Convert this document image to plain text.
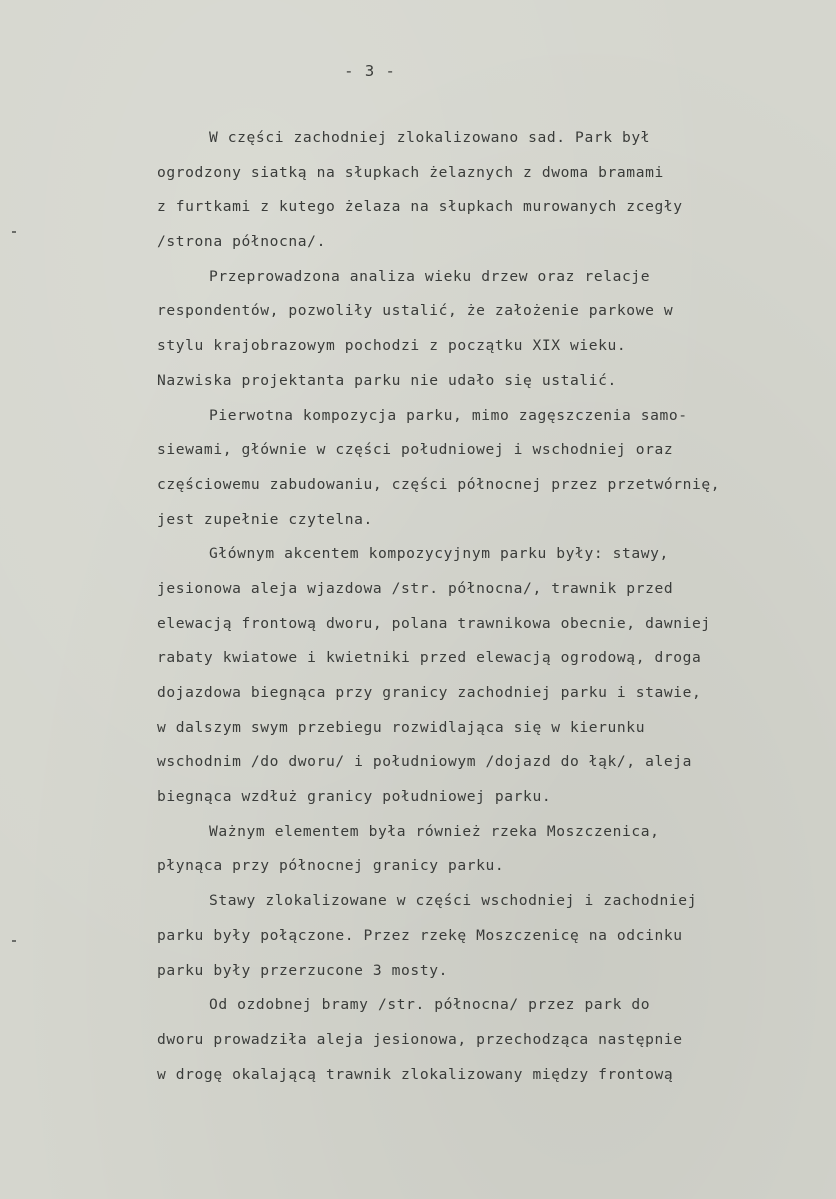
- 3 -
W części zachodniej zlokalizowano sad. Park był
ogrodzony siatką na słupkach żelaznych z dwoma bramami
z furtkami z kutego żelaza na słupkach murowanych zcegły
/strona północna/.
Przeprowadzona analiza wieku drzew oraz relacje
respondentów, pozwoliły ustalić, że założenie parkowe w
stylu krajobrazowym pochodzi z początku XIX wieku.
Nazwiska projektanta parku nie udało się ustalić.
Pierwotna kompozycja parku, mimo zagęszczenia samo-
siewami, głównie w części południowej i wschodniej oraz
częściowemu zabudowaniu, części północnej przez przetwórnię,
jest zupełnie czytelna.
Głównym akcentem kompozycyjnym parku były: stawy,
jesionowa aleja wjazdowa /str. północna/, trawnik przed
elewacją frontową dworu, polana trawnikowa obecnie, dawniej
rabaty kwiatowe i kwietniki przed elewacją ogrodową, droga
dojazdowa biegnąca przy granicy zachodniej parku i stawie,
w dalszym swym przebiegu rozwidlająca się w kierunku
wschodnim /do dworu/ i południowym /dojazd do łąk/, aleja
biegnąca wzdłuż granicy południowej parku.
Ważnym elementem była również rzeka Moszczenica,
płynąca przy północnej granicy parku.
Stawy zlokalizowane w części wschodniej i zachodniej
parku były połączone. Przez rzekę Moszczenicę na odcinku
parku były przerzucone 3 mosty.
Od ozdobnej bramy /str. północna/ przez park do
dworu prowadziła aleja jesionowa, przechodząca następnie
w drogę okalającą trawnik zlokalizowany między frontową
